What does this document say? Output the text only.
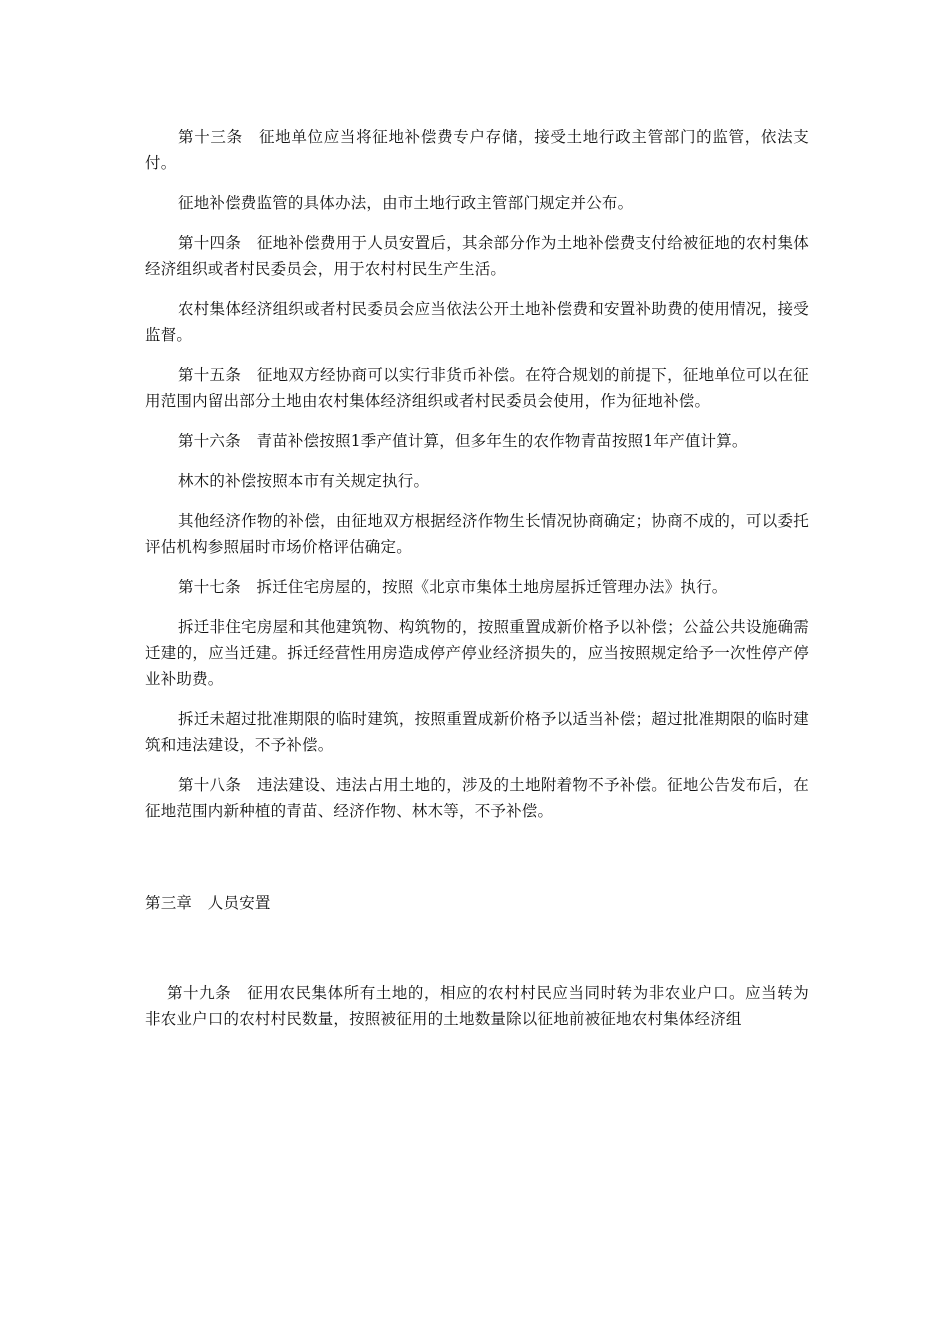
第十三条　征地单位应当将征地补偿费专户存储，接受土地行政主管部门的监管，依法支付。

征地补偿费监管的具体办法，由市土地行政主管部门规定并公布。

第十四条　征地补偿费用于人员安置后，其余部分作为土地补偿费支付给被征地的农村集体经济组织或者村民委员会，用于农村村民生产生活。

农村集体经济组织或者村民委员会应当依法公开土地补偿费和安置补助费的使用情况，接受监督。

第十五条　征地双方经协商可以实行非货币补偿。在符合规划的前提下，征地单位可以在征用范围内留出部分土地由农村集体经济组织或者村民委员会使用，作为征地补偿。

第十六条　青苗补偿按照1季产值计算，但多年生的农作物青苗按照1年产值计算。

林木的补偿按照本市有关规定执行。

其他经济作物的补偿，由征地双方根据经济作物生长情况协商确定；协商不成的，可以委托评估机构参照届时市场价格评估确定。

第十七条　拆迁住宅房屋的，按照《北京市集体土地房屋拆迁管理办法》执行。

拆迁非住宅房屋和其他建筑物、构筑物的，按照重置成新价格予以补偿；公益公共设施确需迁建的，应当迁建。拆迁经营性用房造成停产停业经济损失的，应当按照规定给予一次性停产停业补助费。

拆迁未超过批准期限的临时建筑，按照重置成新价格予以适当补偿；超过批准期限的临时建筑和违法建设，不予补偿。

第十八条　违法建设、违法占用土地的，涉及的土地附着物不予补偿。征地公告发布后，在征地范围内新种植的青苗、经济作物、林木等，不予补偿。

第三章　人员安置

第十九条　征用农民集体所有土地的，相应的农村村民应当同时转为非农业户口。应当转为非农业户口的农村村民数量，按照被征用的土地数量除以征地前被征地农村集体经济组
